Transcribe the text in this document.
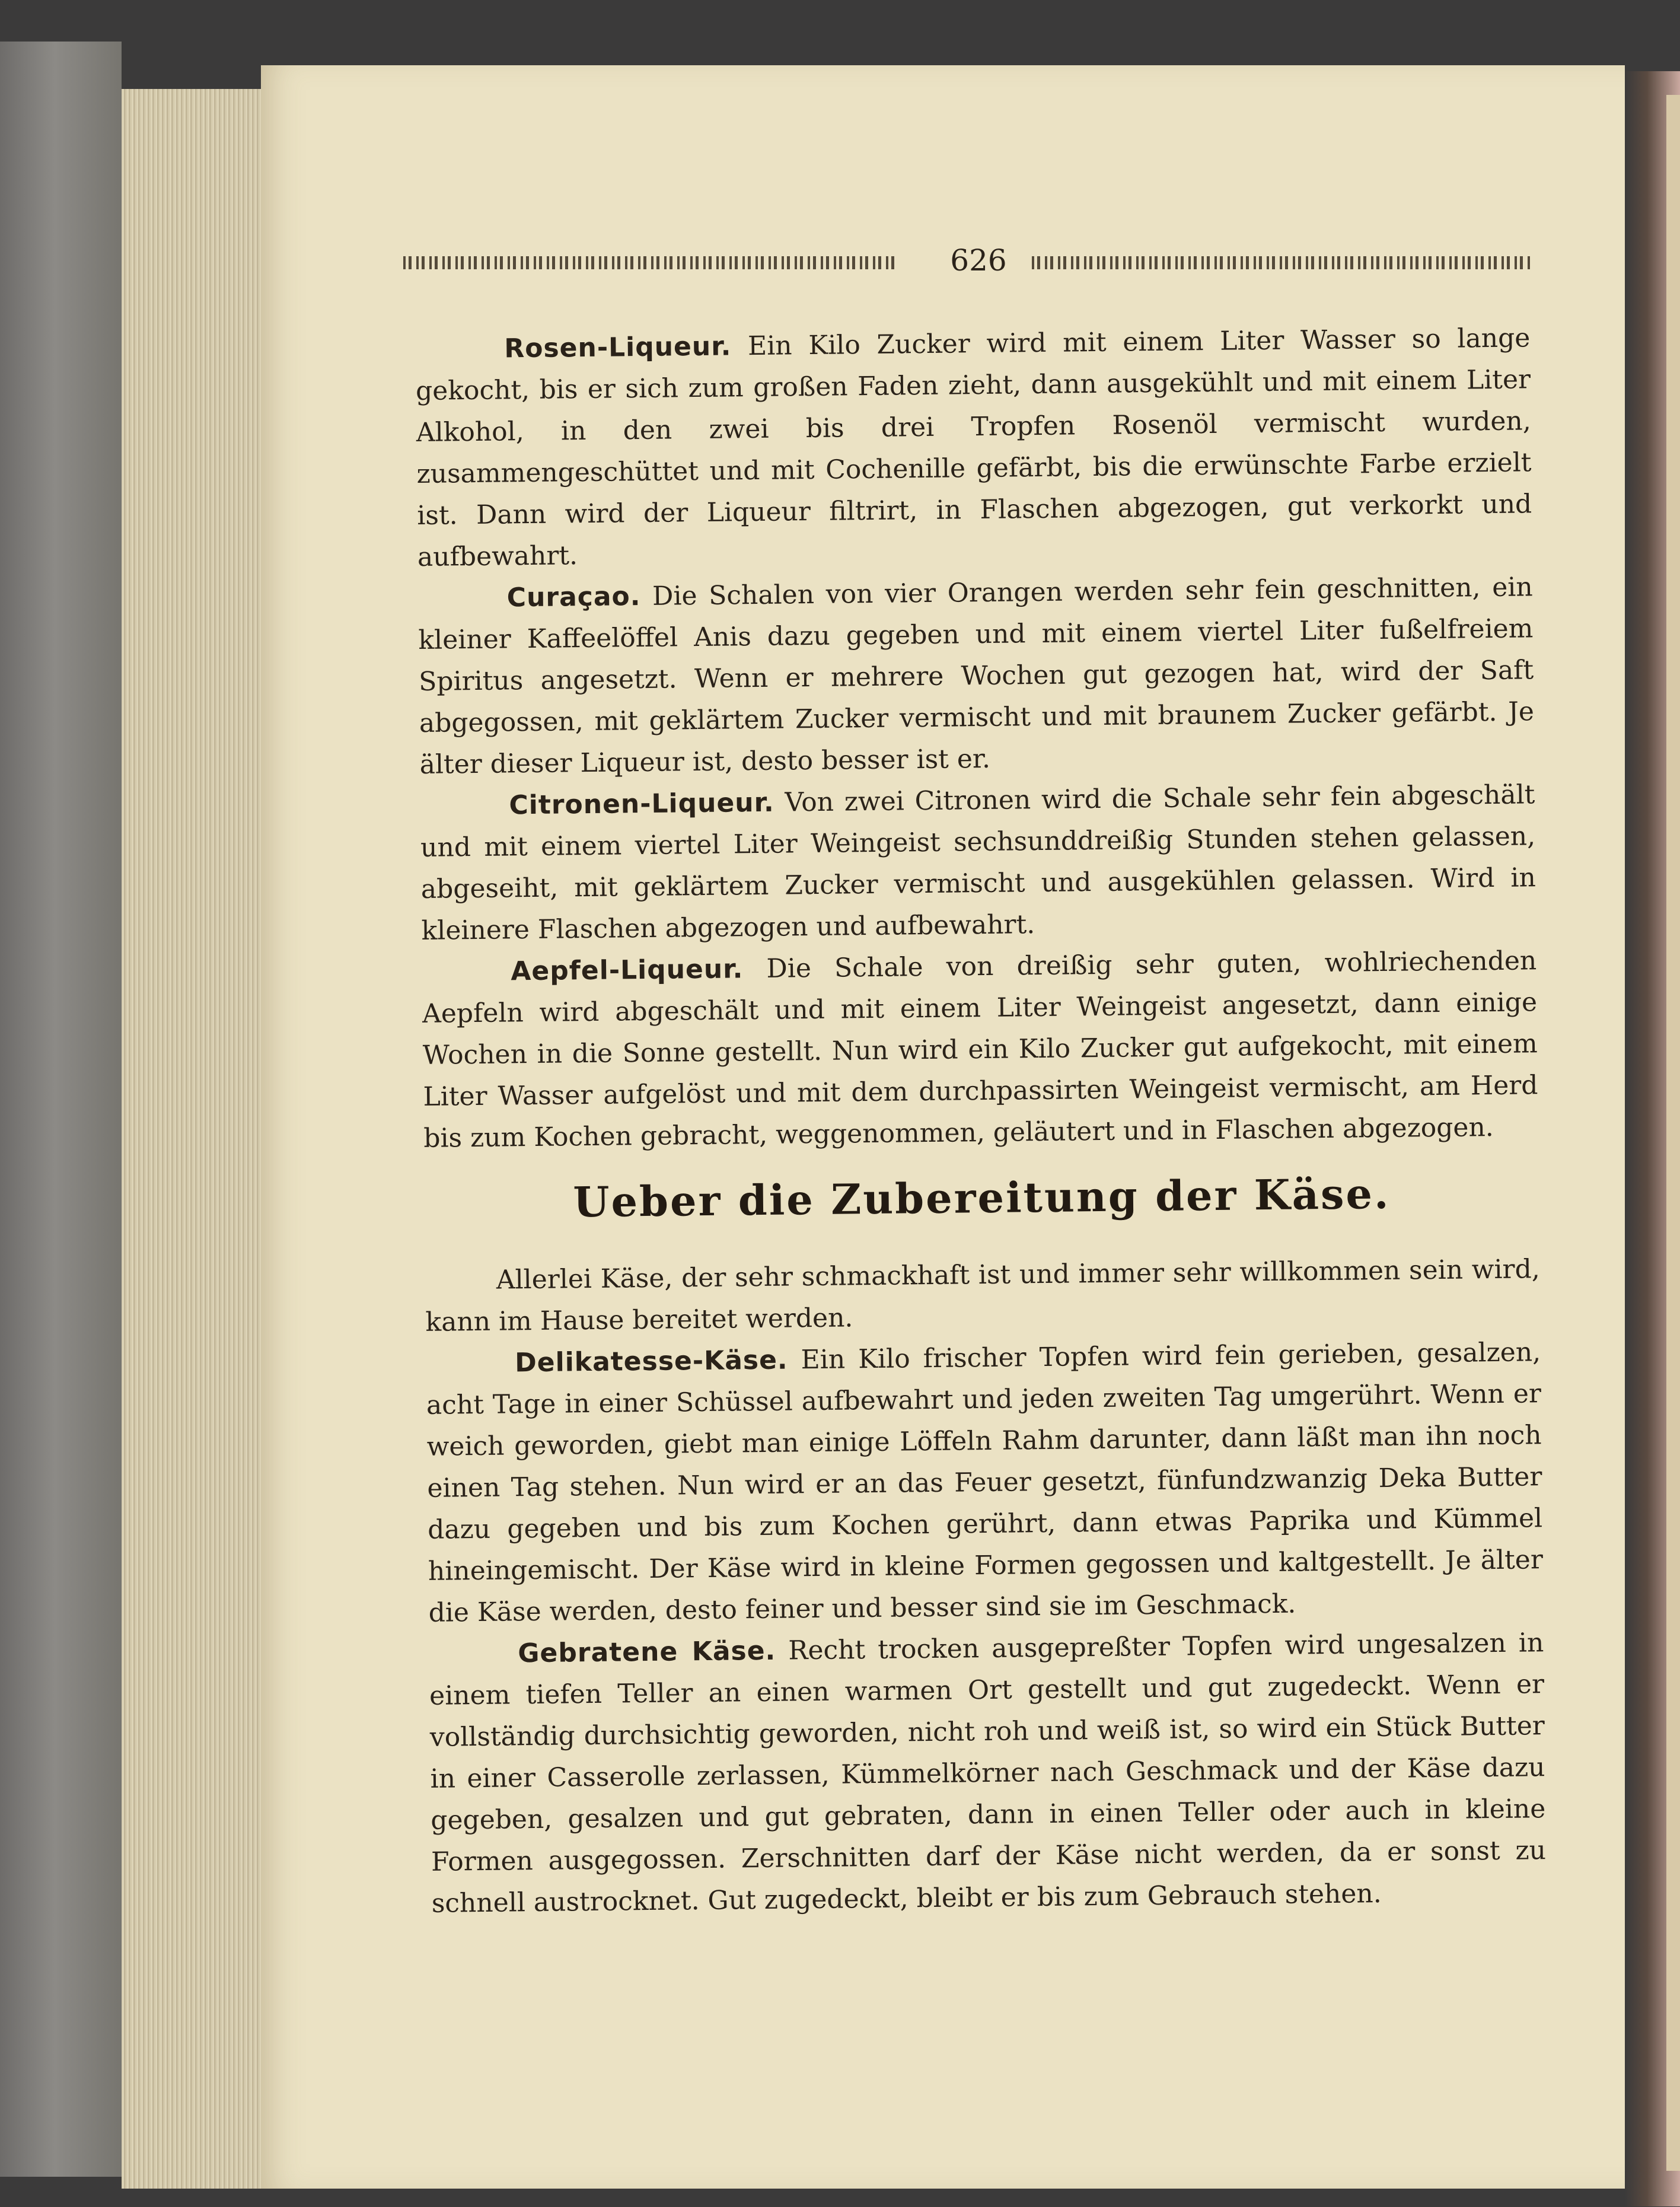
626

Rosen-Liqueur. Ein Kilo Zucker wird mit einem Liter Wasser so lange gekocht, bis er sich zum großen Faden zieht, dann ausgekühlt und mit einem Liter Alkohol, in den zwei bis drei Tropfen Rosenöl vermischt wurden, zusammengeschüttet und mit Cochenille gefärbt, bis die erwünschte Farbe erzielt ist. Dann wird der Liqueur filtrirt, in Flaschen abgezogen, gut verkorkt und aufbewahrt.

Curaçao. Die Schalen von vier Orangen werden sehr fein geschnitten, ein kleiner Kaffeelöffel Anis dazu gegeben und mit einem viertel Liter fußelfreiem Spiritus angesetzt. Wenn er mehrere Wochen gut gezogen hat, wird der Saft abgegossen, mit geklärtem Zucker vermischt und mit braunem Zucker gefärbt. Je älter dieser Liqueur ist, desto besser ist er.

Citronen-Liqueur. Von zwei Citronen wird die Schale sehr fein abgeschält und mit einem viertel Liter Weingeist sechsunddreißig Stunden stehen gelassen, abgeseiht, mit geklärtem Zucker vermischt und ausgekühlen gelassen. Wird in kleinere Flaschen abgezogen und aufbewahrt.

Aepfel-Liqueur. Die Schale von dreißig sehr guten, wohlriechenden Aepfeln wird abgeschält und mit einem Liter Weingeist angesetzt, dann einige Wochen in die Sonne gestellt. Nun wird ein Kilo Zucker gut aufgekocht, mit einem Liter Wasser aufgelöst und mit dem durchpassirten Weingeist vermischt, am Herd bis zum Kochen gebracht, weggenommen, geläutert und in Flaschen abgezogen.

Ueber die Zubereitung der Käse.

Allerlei Käse, der sehr schmackhaft ist und immer sehr willkommen sein wird, kann im Hause bereitet werden.

Delikatesse-Käse. Ein Kilo frischer Topfen wird fein gerieben, gesalzen, acht Tage in einer Schüssel aufbewahrt und jeden zweiten Tag umgerührt. Wenn er weich geworden, giebt man einige Löffeln Rahm darunter, dann läßt man ihn noch einen Tag stehen. Nun wird er an das Feuer gesetzt, fünfundzwanzig Deka Butter dazu gegeben und bis zum Kochen gerührt, dann etwas Paprika und Kümmel hineingemischt. Der Käse wird in kleine Formen gegossen und kaltgestellt. Je älter die Käse werden, desto feiner und besser sind sie im Geschmack.

Gebratene Käse. Recht trocken ausgepreßter Topfen wird ungesalzen in einem tiefen Teller an einen warmen Ort gestellt und gut zugedeckt. Wenn er vollständig durchsichtig geworden, nicht roh und weiß ist, so wird ein Stück Butter in einer Casserolle zerlassen, Kümmelkörner nach Geschmack und der Käse dazu gegeben, gesalzen und gut gebraten, dann in einen Teller oder auch in kleine Formen ausgegossen. Zerschnitten darf der Käse nicht werden, da er sonst zu schnell austrocknet. Gut zugedeckt, bleibt er bis zum Gebrauch stehen.
